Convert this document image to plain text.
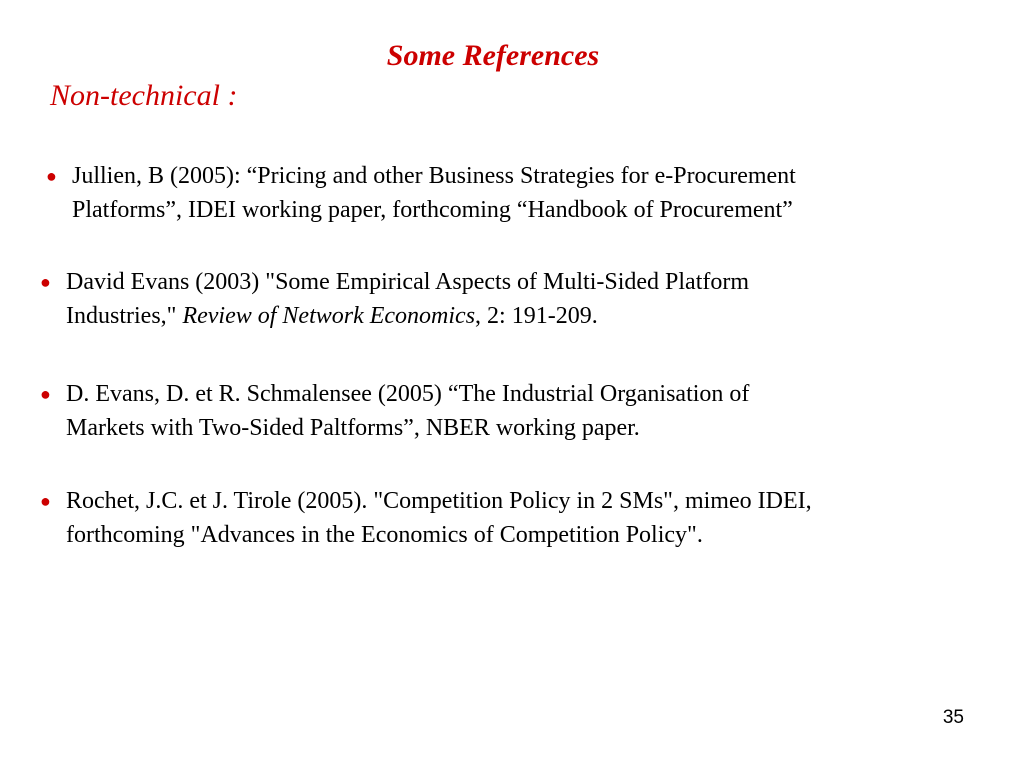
Some References
Non-technical :
● Jullien, B (2005): “Pricing and other Business Strategies for e-Procurement
Platforms”, IDEI working paper, forthcoming “Handbook of Procurement”
● David Evans (2003) "Some Empirical Aspects of Multi-Sided Platform
Industries," Review of Network Economics, 2: 191-209.
● D. Evans, D. et R. Schmalensee (2005) “The Industrial Organisation of
Markets with Two-Sided Paltforms”, NBER working paper.
● Rochet, J.C. et J. Tirole (2005). "Competition Policy in 2 SMs", mimeo IDEI,
forthcoming "Advances in the Economics of Competition Policy".
35
